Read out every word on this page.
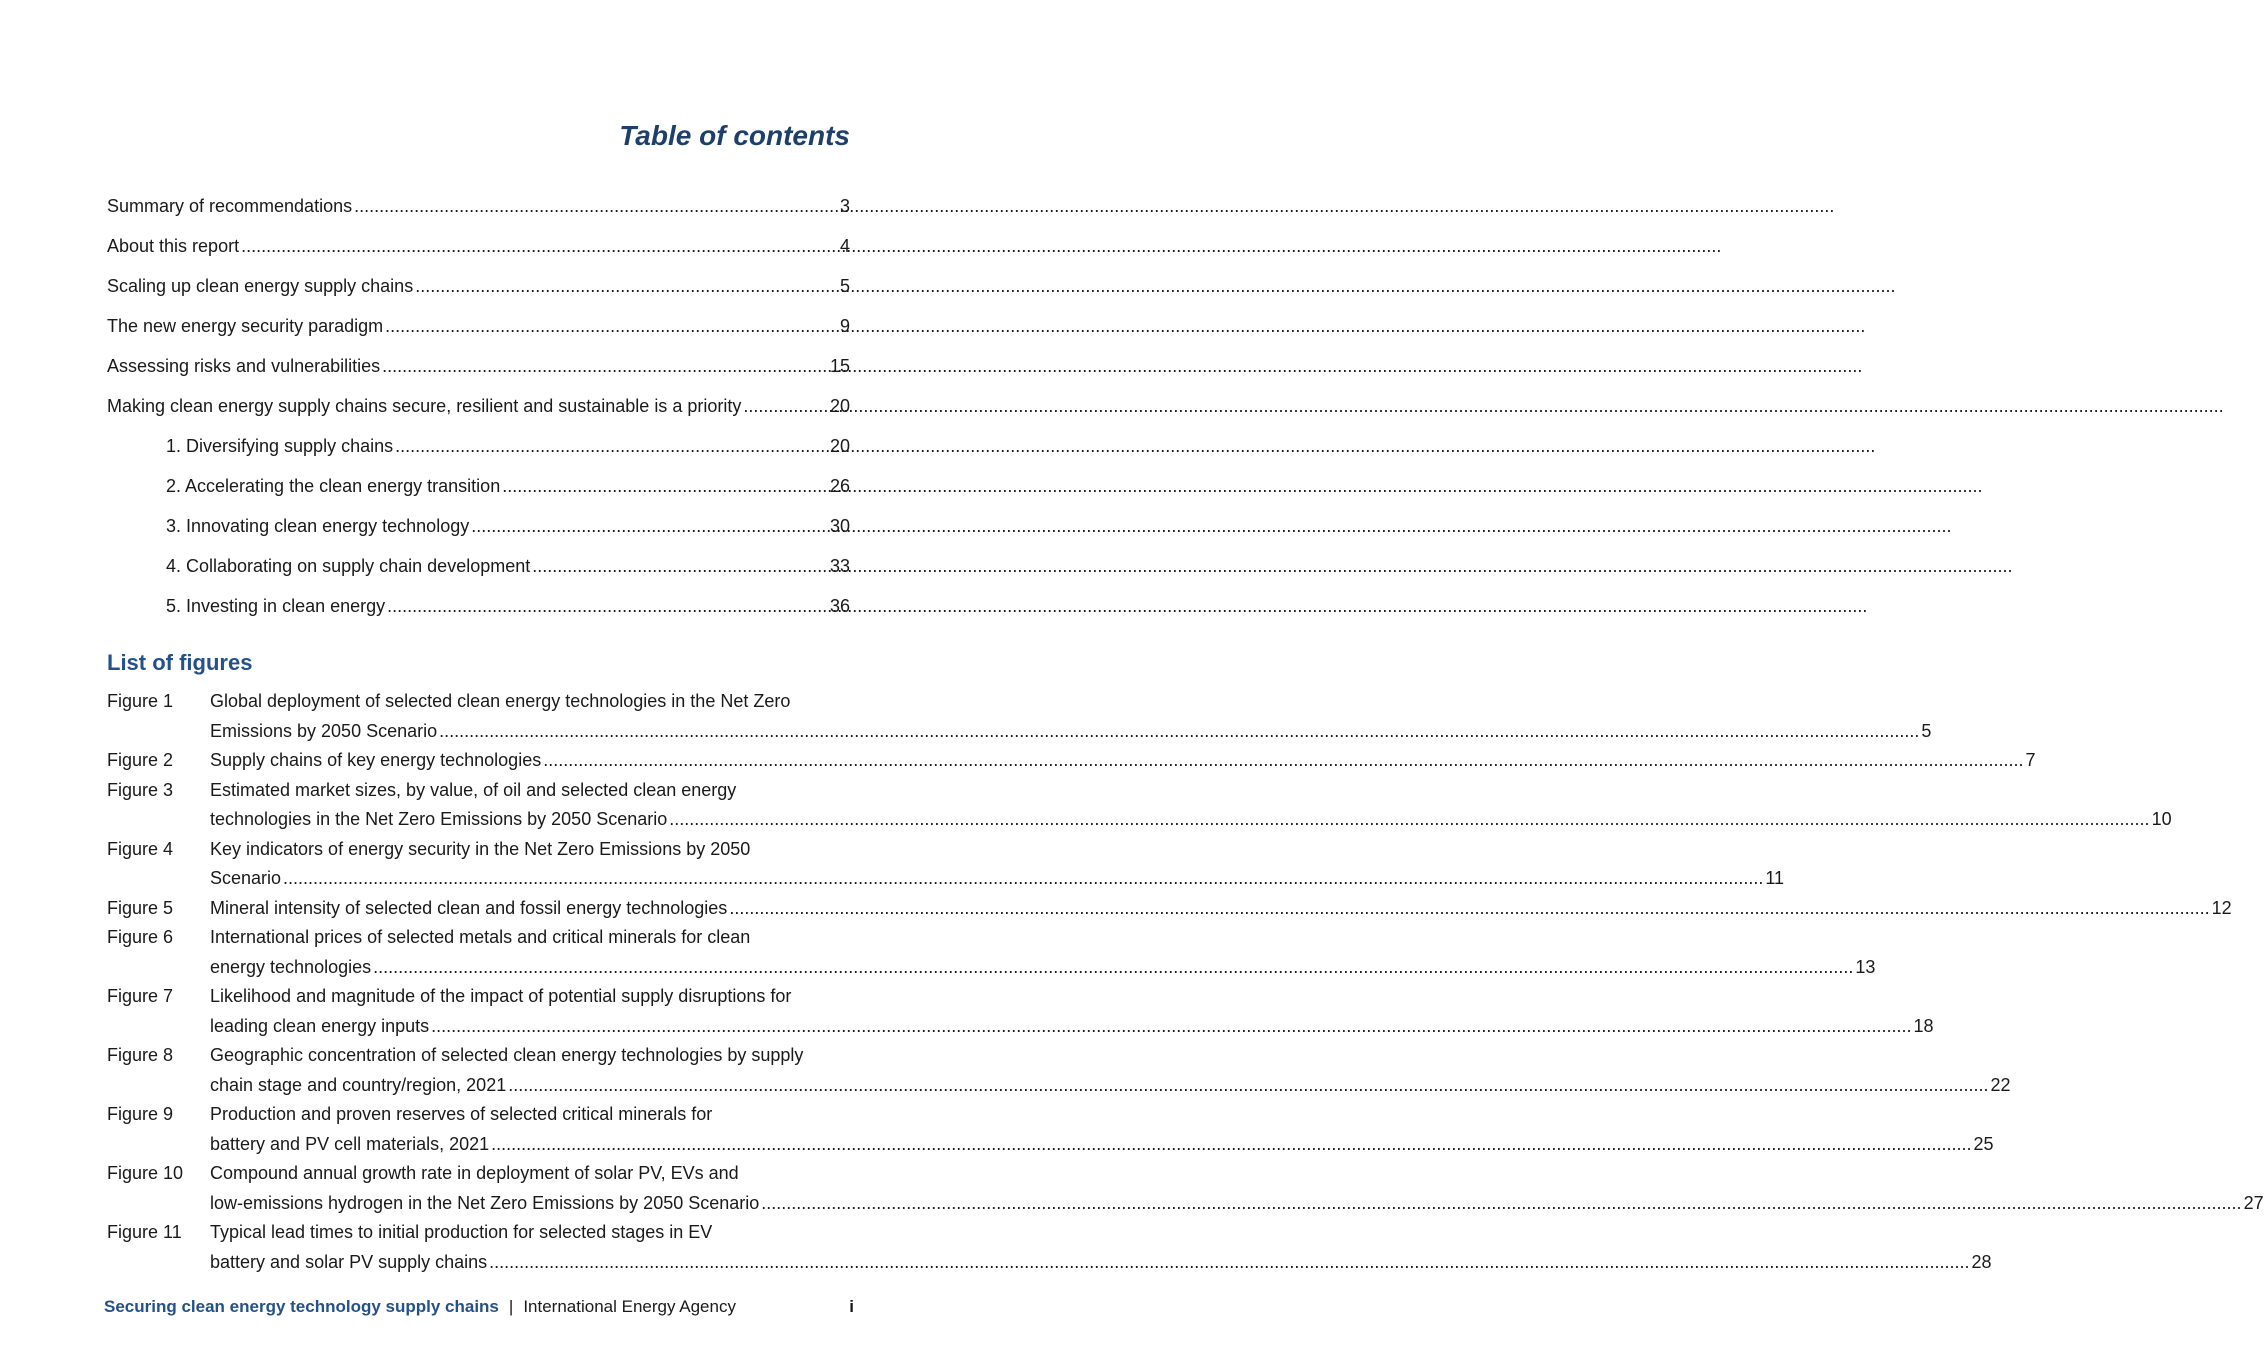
Table of contents
Summary of recommendations .....	3
About this report .....	4
Scaling up clean energy supply chains .....	5
The new energy security paradigm .....	9
Assessing risks and vulnerabilities .....	15
Making clean energy supply chains secure, resilient and sustainable is a priority .....	20
1. Diversifying supply chains .....	20
2. Accelerating the clean energy transition .....	26
3. Innovating clean energy technology .....	30
4. Collaborating on supply chain development .....	33
5. Investing in clean energy .....	36
List of figures
Figure 1	Global deployment of selected clean energy technologies in the Net Zero
Emissions by 2050 Scenario .....	5
Figure 2	Supply chains of key energy technologies .....	7
Figure 3	Estimated market sizes, by value, of oil and selected clean energy
technologies in the Net Zero Emissions by 2050 Scenario .....	10
Figure 4	Key indicators of energy security in the Net Zero Emissions by 2050
Scenario .....	11
Figure 5	Mineral intensity of selected clean and fossil energy technologies .....	12
Figure 6	International prices of selected metals and critical minerals for clean
energy technologies .....	13
Figure 7	Likelihood and magnitude of the impact of potential supply disruptions for
leading clean energy inputs .....	18
Figure 8	Geographic concentration of selected clean energy technologies by supply
chain stage and country/region, 2021 .....	22
Figure 9	Production and proven reserves of selected critical minerals for
battery and PV cell materials, 2021 .....	25
Figure 10	Compound annual growth rate in deployment of solar PV, EVs and
low-emissions hydrogen in the Net Zero Emissions by 2050 Scenario .....	27
Figure 11	Typical lead times to initial production for selected stages in EV
battery and solar PV supply chains .....	28
Securing clean energy technology supply chains | International Energy Agency	i
